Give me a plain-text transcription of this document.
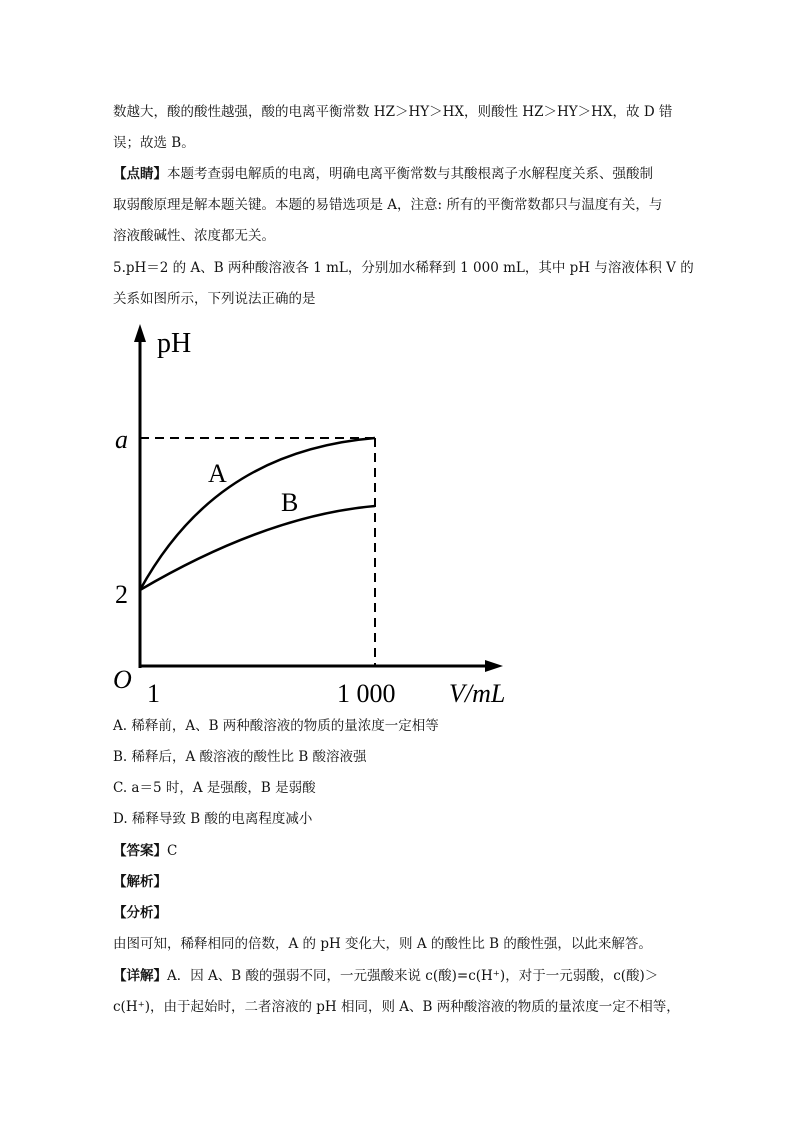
数越大，酸的酸性越强，酸的电离平衡常数 HZ＞HY＞HX，则酸性 HZ＞HY＞HX，故 D 错
误；故选 B。
【点睛】本题考查弱电解质的电离，明确电离平衡常数与其酸根离子水解程度关系、强酸制
取弱酸原理是解本题关键。本题的易错选项是 A，注意: 所有的平衡常数都只与温度有关，与
溶液酸碱性、浓度都无关。
5.pH＝2 的 A、B 两种酸溶液各 1 mL，分别加水稀释到 1 000 mL，其中 pH 与溶液体积 V 的
关系如图所示，下列说法正确的是
pH
a
2
O 1	1 000 V/mL
A
B
A. 稀释前，A、B 两种酸溶液的物质的量浓度一定相等
B. 稀释后，A 酸溶液的酸性比 B 酸溶液强
C. a＝5 时，A 是强酸，B 是弱酸
D. 稀释导致 B 酸的电离程度减小
【答案】C
【解析】
【分析】
由图可知，稀释相同的倍数，A 的 pH 变化大，则 A 的酸性比 B 的酸性强，以此来解答。
【详解】A．因 A、B 酸的强弱不同，一元强酸来说 c(酸)=c(H⁺)，对于一元弱酸，c(酸)＞
c(H⁺)，由于起始时，二者溶液的 pH 相同，则 A、B 两种酸溶液的物质的量浓度一定不相等，
